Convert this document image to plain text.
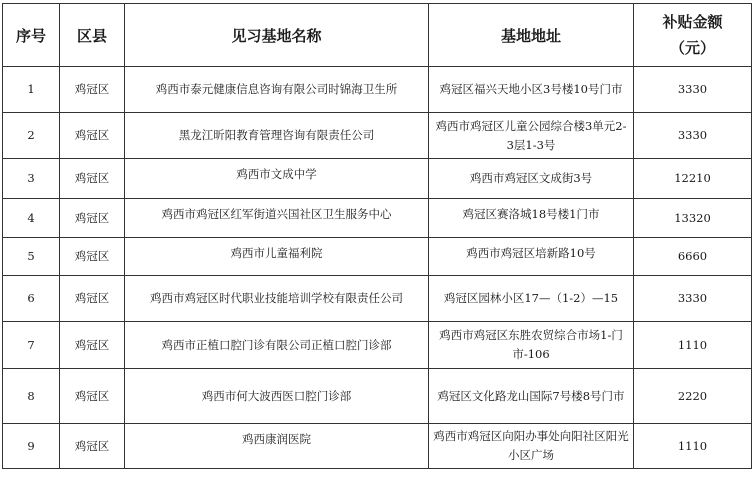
序号	区县	见习基地名称	基地地址	补贴金额
（元）

1	鸡冠区	鸡西市泰元健康信息咨询有限公司时锦海卫生所	鸡冠区福兴天地小区3号楼10号门市	3330
2	鸡冠区	黑龙江昕阳教育管理咨询有限责任公司	鸡西市鸡冠区儿童公园综合楼3单元2-3层1-3号	3330
3	鸡冠区	鸡西市文成中学	鸡西市鸡冠区文成街3号	12210
4	鸡冠区	鸡西市鸡冠区红军街道兴国社区卫生服务中心	鸡冠区赛洛城18号楼1门市	13320
5	鸡冠区	鸡西市儿童福利院	鸡西市鸡冠区培新路10号	6660
6	鸡冠区	鸡西市鸡冠区时代职业技能培训学校有限责任公司	鸡冠区园林小区17—（1-2）—15	3330
7	鸡冠区	鸡西市正植口腔门诊有限公司正植口腔门诊部	鸡西市鸡冠区东胜农贸综合市场1-门市-106	1110
8	鸡冠区	鸡西市何大波西医口腔门诊部	鸡冠区文化路龙山国际7号楼8号门市	2220
9	鸡冠区	鸡西康润医院	鸡西市鸡冠区向阳办事处向阳社区阳光小区广场	1110
